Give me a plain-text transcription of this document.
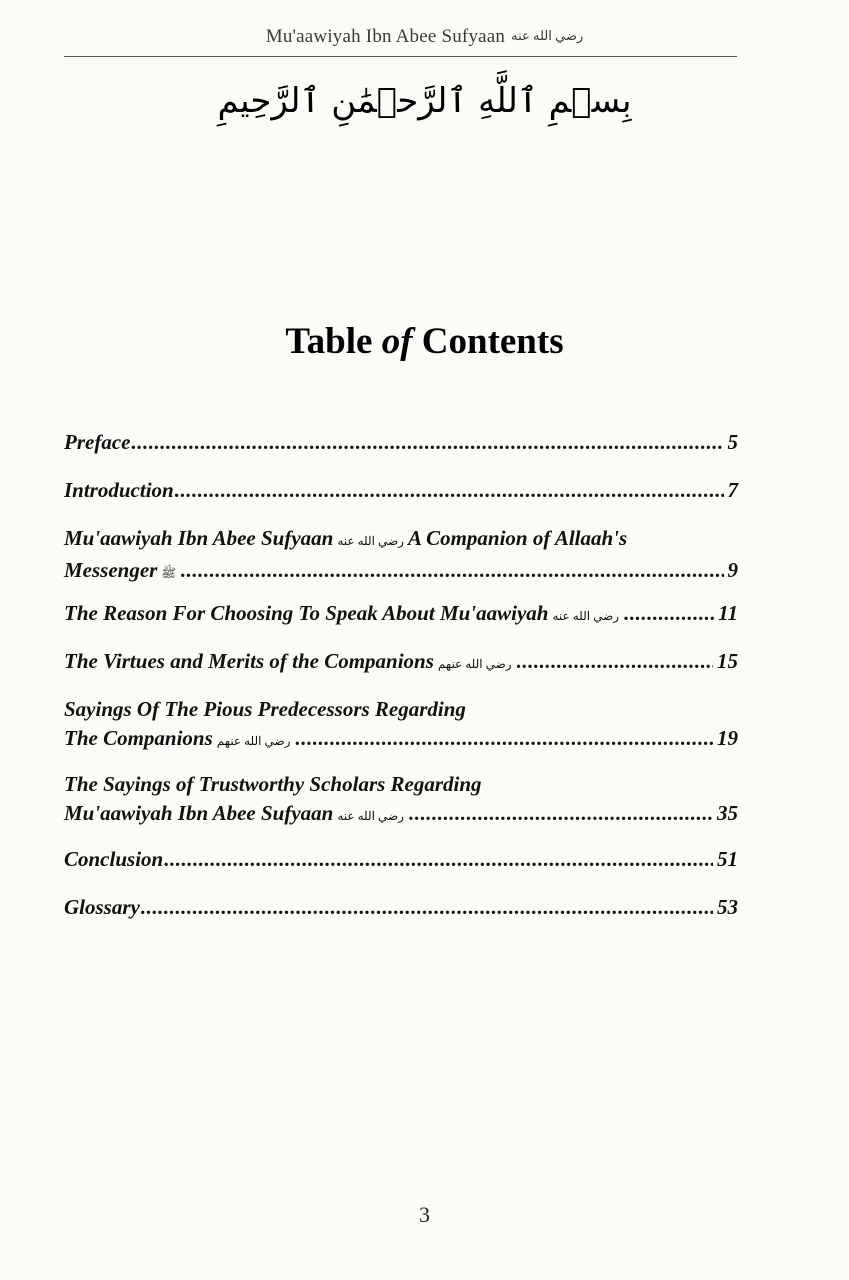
Mu'aawiyah Ibn Abee Sufyaan رضي الله عنه
بِسۡمِ ٱللَّهِ ٱلرَّحۡمَٰنِ ٱلرَّحِيمِ
Table of Contents
Preface .....	5
Introduction .....	7
Mu'aawiyah Ibn Abee Sufyaan رضي الله عنه A Companion of Allaah's
Messenger ﷺ .....	9
The Reason For Choosing To Speak About Mu'aawiyah رضي الله عنه .....	11
The Virtues and Merits of the Companions رضي الله عنهم .....	15
Sayings Of The Pious Predecessors Regarding
The Companions رضي الله عنهم .....	19
The Sayings of Trustworthy Scholars Regarding
Mu'aawiyah Ibn Abee Sufyaan رضي الله عنه .....	35
Conclusion .....	51
Glossary .....	53
3
